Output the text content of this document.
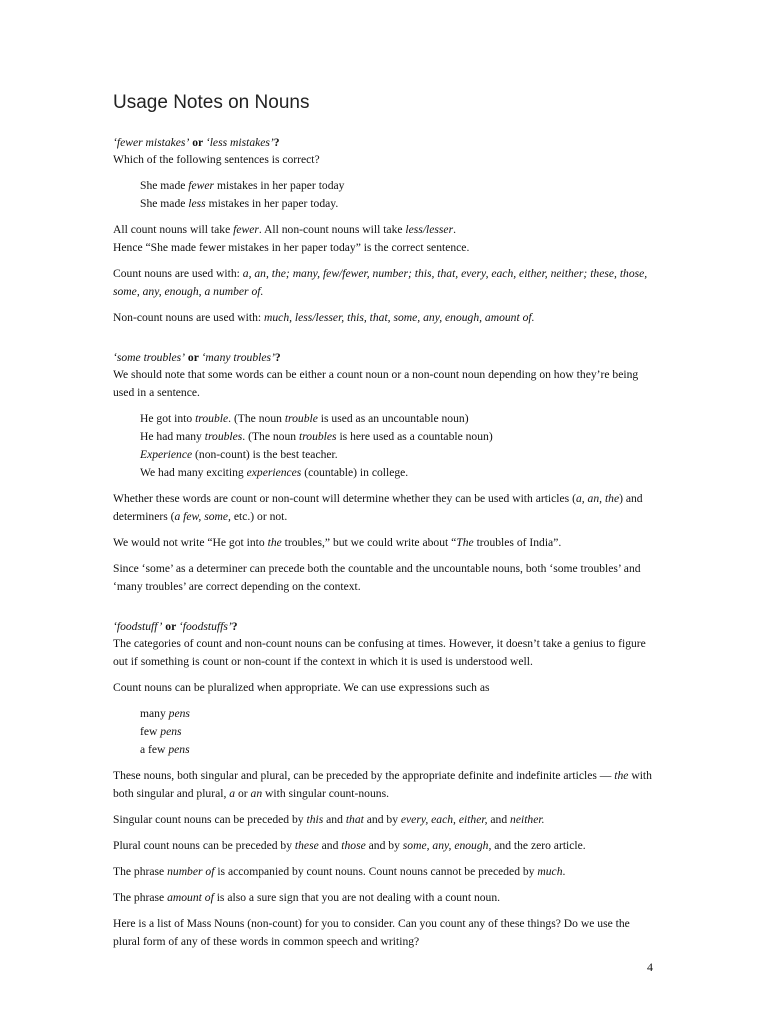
Usage Notes on Nouns
‘fewer mistakes’ or ‘less mistakes’?

Which of the following sentences is correct?

She made fewer mistakes in her paper today
She made less mistakes in her paper today.

All count nouns will take fewer. All non-count nouns will take less/lesser.
Hence “She made fewer mistakes in her paper today” is the correct sentence.

Count nouns are used with: a, an, the; many, few/fewer, number; this, that, every, each, either, neither; these, those, some, any, enough, a number of.

Non-count nouns are used with: much, less/lesser, this, that, some, any, enough, amount of.

‘some troubles’ or ‘many troubles’?

We should note that some words can be either a count noun or a non-count noun depending on how they’re being used in a sentence.

He got into trouble. (The noun trouble is used as an uncountable noun)
He had many troubles. (The noun troubles is here used as a countable noun)
Experience (non-count) is the best teacher.
We had many exciting experiences (countable) in college.

Whether these words are count or non-count will determine whether they can be used with articles (a, an, the) and determiners (a few, some, etc.) or not.

We would not write “He got into the troubles,” but we could write about “The troubles of India”.

Since ‘some’ as a determiner can precede both the countable and the uncountable nouns, both ‘some troubles’ and ‘many troubles’ are correct depending on the context.

‘foodstuff’ or ‘foodstuffs’?

The categories of count and non-count nouns can be confusing at times. However, it doesn’t take a genius to figure out if something is count or non-count if the context in which it is used is understood well.

Count nouns can be pluralized when appropriate. We can use expressions such as

many pens
few pens
a few pens

These nouns, both singular and plural, can be preceded by the appropriate definite and indefinite articles — the with both singular and plural, a or an with singular count-nouns.

Singular count nouns can be preceded by this and that and by every, each, either, and neither.

Plural count nouns can be preceded by these and those and by some, any, enough, and the zero article.

The phrase number of is accompanied by count nouns. Count nouns cannot be preceded by much.

The phrase amount of is also a sure sign that you are not dealing with a count noun.

Here is a list of Mass Nouns (non-count) for you to consider. Can you count any of these things? Do we use the plural form of any of these words in common speech and writing?

4
